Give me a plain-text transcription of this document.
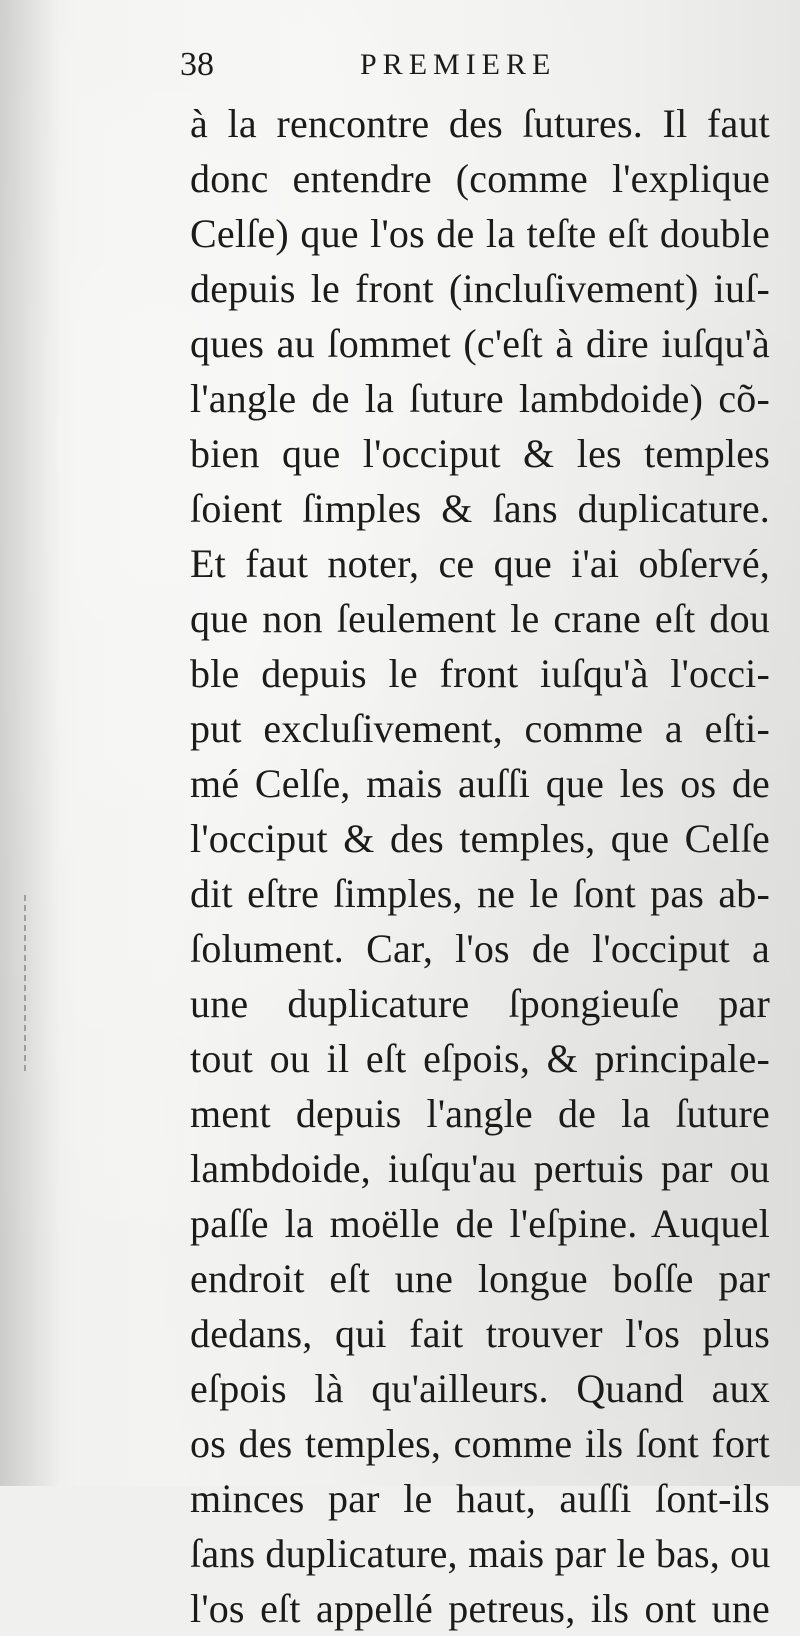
38	PREMIERE
à la rencontre des ſutures. Il faut
donc entendre (comme l'explique
Celſe) que l'os de la teſte eſt double
depuis le front (incluſivement) iuſ-
ques au ſommet (c'eſt à dire iuſqu'à
l'angle de la ſuture lambdoide) cõ-
bien que l'occiput & les temples
ſoient ſimples & ſans duplicature.
Et faut noter, ce que i'ai obſervé,
que non ſeulement le crane eſt dou
ble depuis le front iuſqu'à l'occi-
put excluſivement, comme a eſti-
mé Celſe, mais auſſi que les os de
l'occiput & des temples, que Celſe
dit eſtre ſimples, ne le ſont pas ab-
ſolument. Car, l'os de l'occiput a
une duplicature ſpongieuſe par
tout ou il eſt eſpois, & principale-
ment depuis l'angle de la ſuture
lambdoide, iuſqu'au pertuis par ou
paſſe la moëlle de l'eſpine. Auquel
endroit eſt une longue boſſe par
dedans, qui fait trouver l'os plus
eſpois là qu'ailleurs. Quand aux
os des temples, comme ils ſont fort
minces par le haut, auſſi ſont-ils
ſans duplicature, mais par le bas, ou
l'os eſt appellé petreus, ils ont une
